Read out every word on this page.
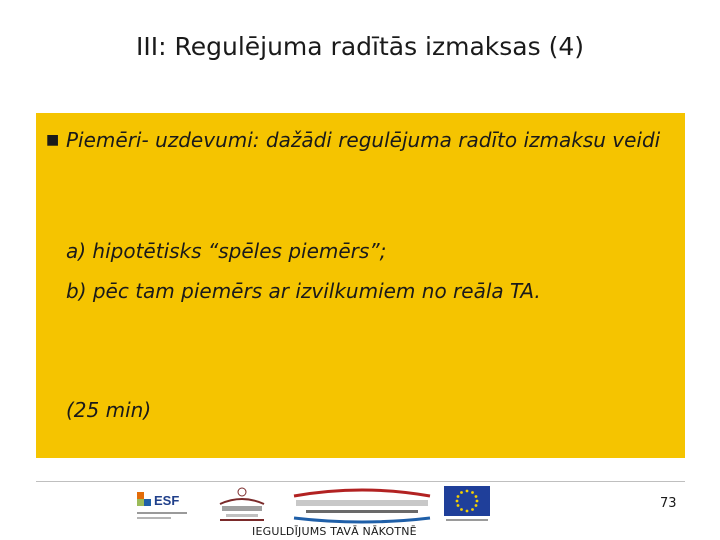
III: Regulējuma radītās izmaksas (4)
■ Piemēri- uzdevumi: dažādi regulējuma radīto izmaksu veidi
a) hipotētisks “spēles piemērs”;
b) pēc tam piemērs ar izvilkumiem no reāla TA.
(25 min)
ESF	73
IEGULDĪJUMS TAVĀ NĀKOTNĒ
